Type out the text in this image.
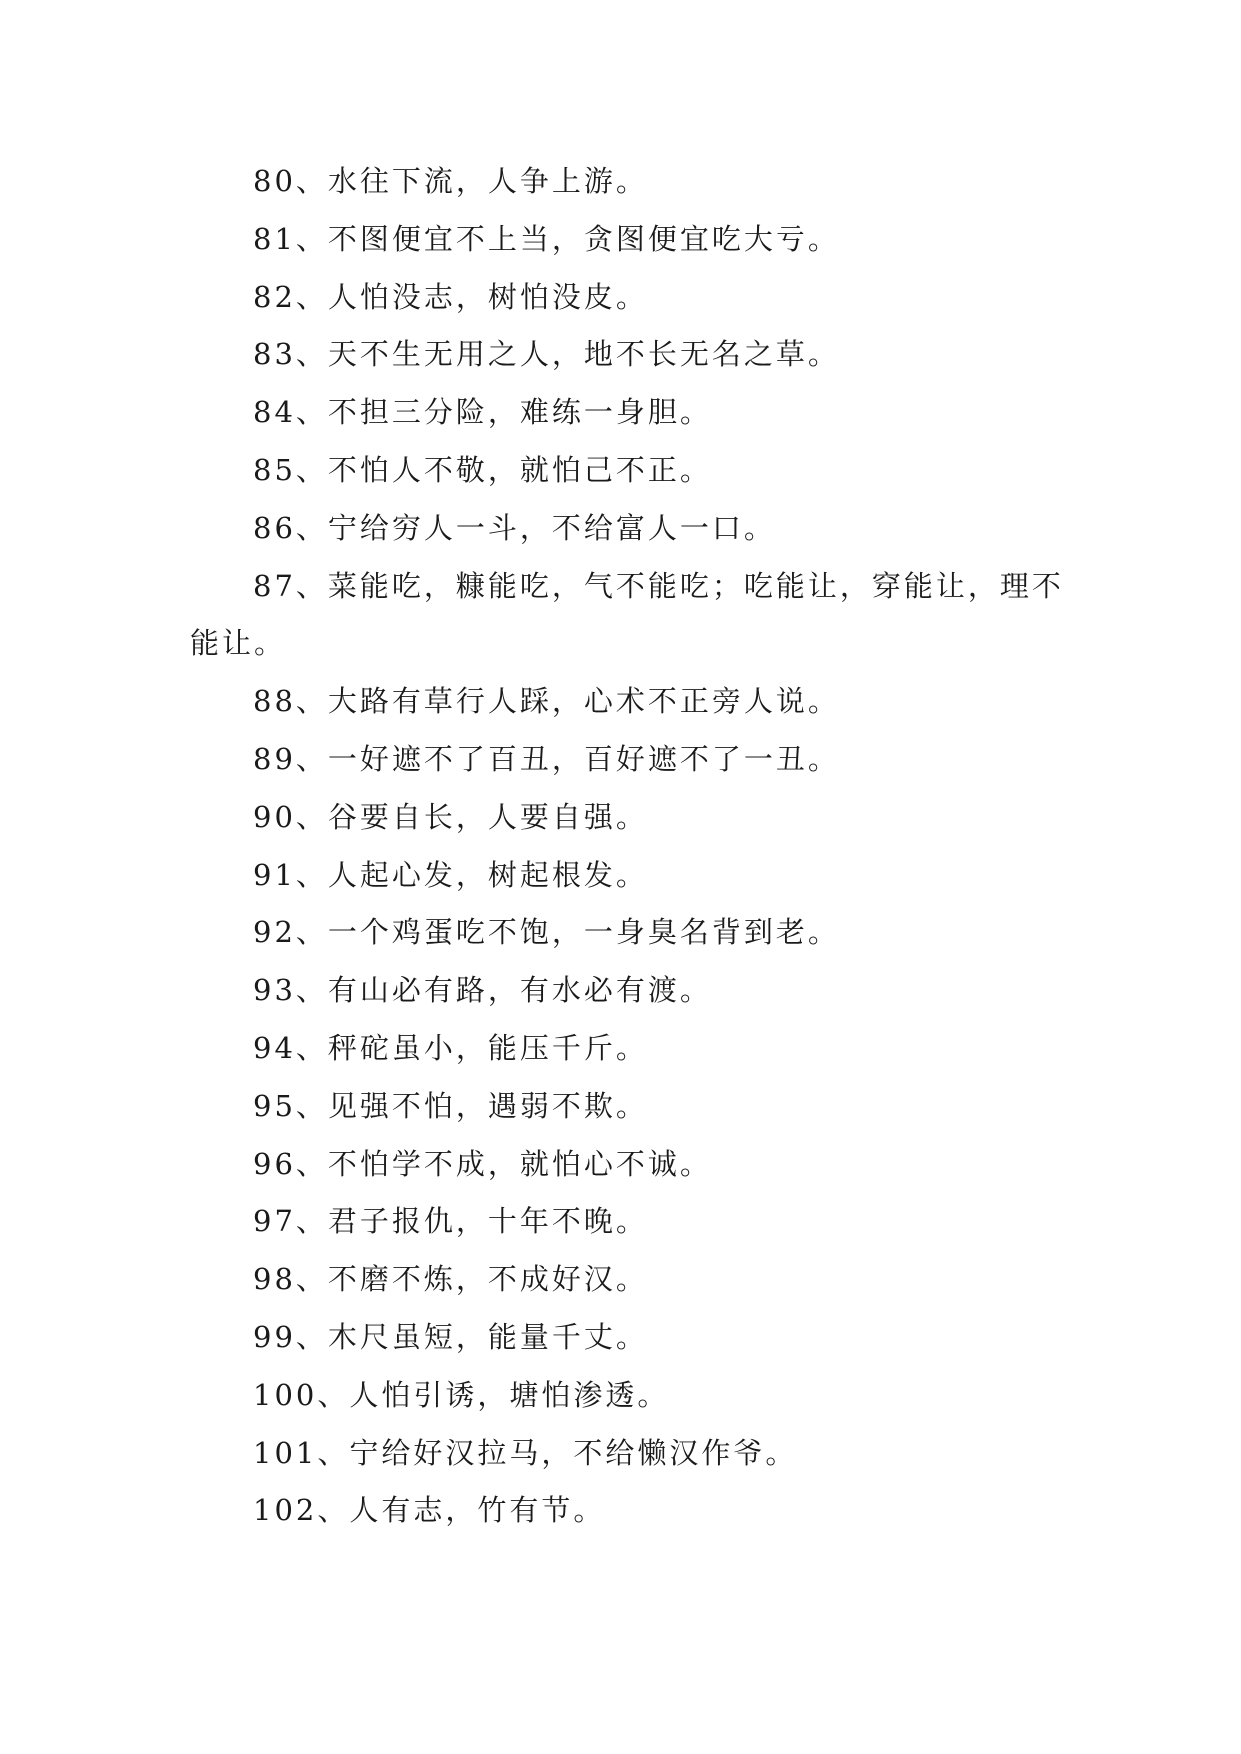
80、水往下流，人争上游。

81、不图便宜不上当，贪图便宜吃大亏。

82、人怕没志，树怕没皮。

83、天不生无用之人，地不长无名之草。

84、不担三分险，难练一身胆。

85、不怕人不敬，就怕己不正。

86、宁给穷人一斗，不给富人一口。

87、菜能吃，糠能吃，气不能吃；吃能让，穿能让，理不能让。

88、大路有草行人踩，心术不正旁人说。

89、一好遮不了百丑，百好遮不了一丑。

90、谷要自长，人要自强。

91、人起心发，树起根发。

92、一个鸡蛋吃不饱，一身臭名背到老。

93、有山必有路，有水必有渡。

94、秤砣虽小，能压千斤。

95、见强不怕，遇弱不欺。

96、不怕学不成，就怕心不诚。

97、君子报仇，十年不晚。

98、不磨不炼，不成好汉。

99、木尺虽短，能量千丈。

100、人怕引诱，塘怕渗透。

101、宁给好汉拉马，不给懒汉作爷。

102、人有志，竹有节。
